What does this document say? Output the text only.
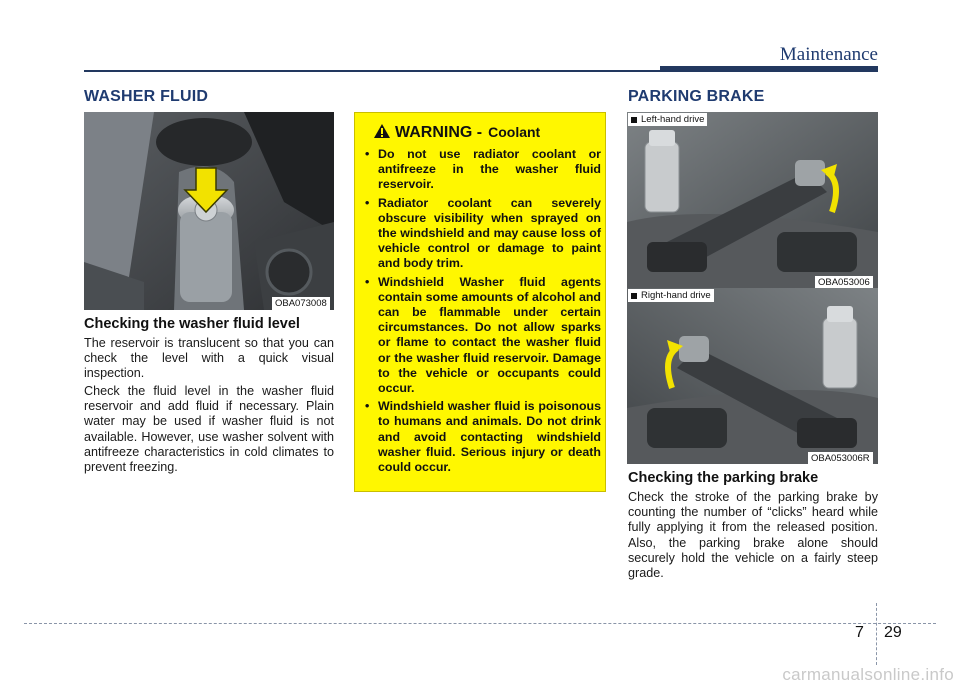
Maintenance
WASHER FLUID
OBA073008
Checking the washer fluid level
The reservoir is translucent so that you can check the level with a quick visual inspection.
Check the fluid level in the washer fluid reservoir and add fluid if necessary. Plain water may be used if washer fluid is not available. However, use washer solvent with antifreeze characteristics in cold climates to prevent freezing.
WARNING - Coolant
• Do not use radiator coolant or antifreeze in the washer fluid reservoir.
• Radiator coolant can severely obscure visibility when sprayed on the windshield and may cause loss of vehicle control or damage to paint and body trim.
• Windshield Washer fluid agents contain some amounts of alcohol and can be flammable under certain circumstances. Do not allow sparks or flame to contact the washer fluid or the washer fluid reservoir. Damage to the vehicle or occupants could occur.
• Windshield washer fluid is poisonous to humans and animals. Do not drink and avoid contacting windshield washer fluid. Serious injury or death could occur.
PARKING BRAKE
Left-hand drive
OBA053006
Right-hand drive
OBA053006R
Checking the parking brake
Check the stroke of the parking brake by counting the number of “clicks” heard while fully applying it from the released position. Also, the parking brake alone should securely hold the vehicle on a fairly steep grade.
7 29
carmanualsonline.info
